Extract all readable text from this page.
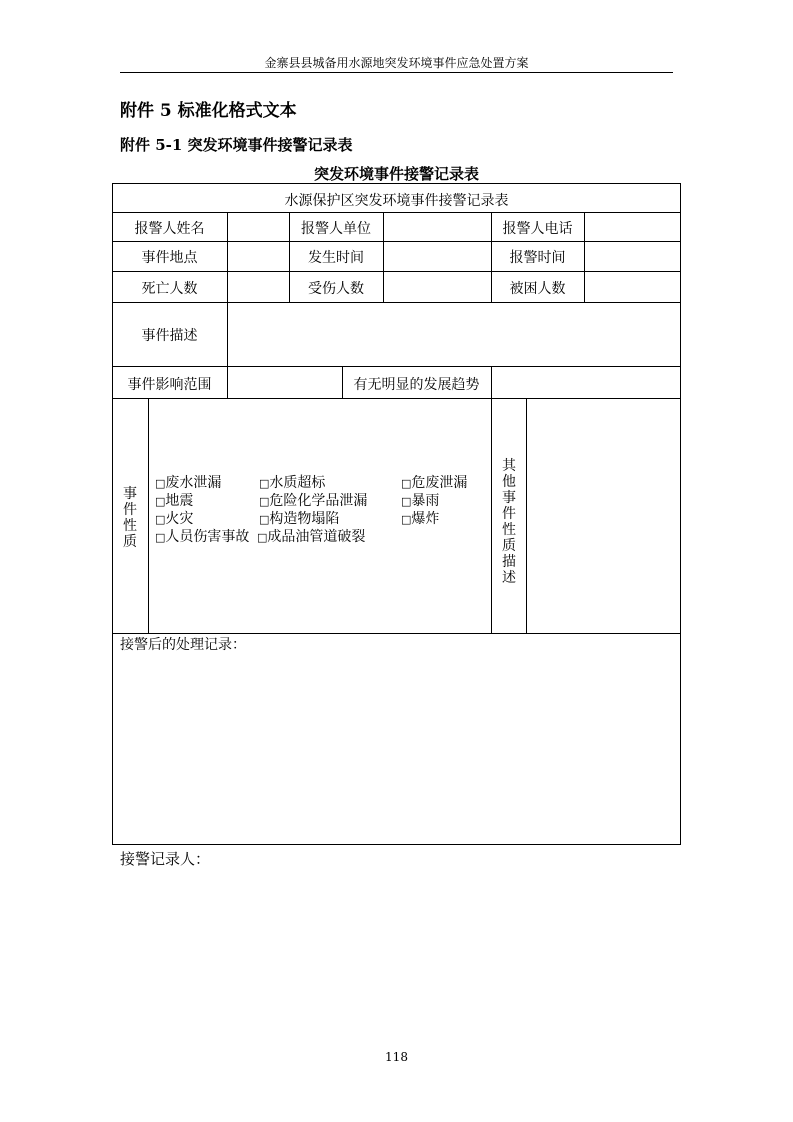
金寨县县城备用水源地突发环境事件应急处置方案
附件 5 标准化格式文本
附件 5-1 突发环境事件接警记录表
突发环境事件接警记录表
水源保护区突发环境事件接警记录表
报警人姓名	报警人单位	报警人电话
事件地点	发生时间	报警时间
死亡人数	受伤人数	被困人数
事件描述
事件影响范围	有无明显的发展趋势
事
件
性
质
□废水泄漏	□水质超标	□危废泄漏
□地震	□危险化学品泄漏	□暴雨
□火灾	□构造物塌陷	□爆炸
□人员伤害事故 □成品油管道破裂
其
他
事
件
性
质
描
述
接警后的处理记录：
接警记录人：
118
